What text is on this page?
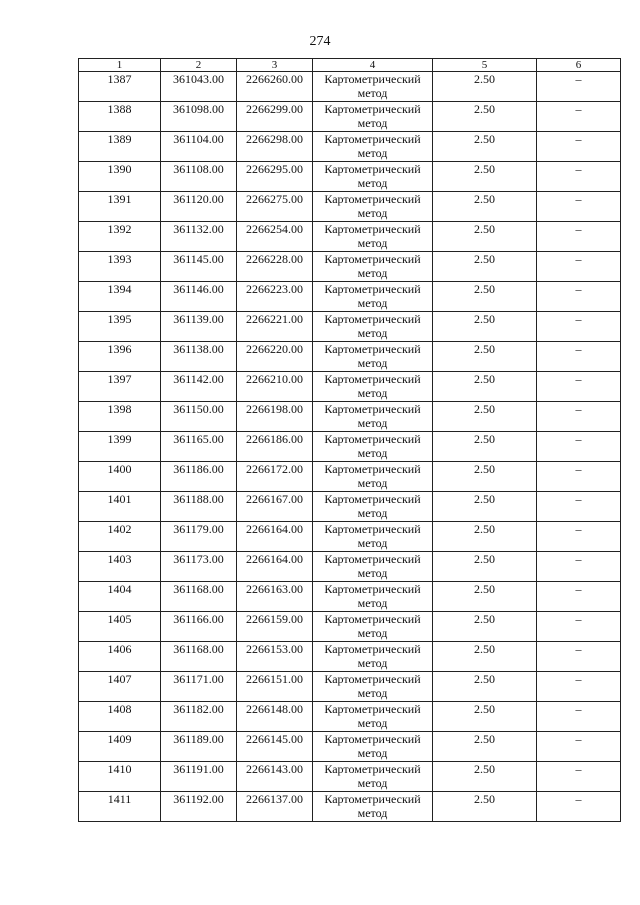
274
1	2	3	4	5	6
1387	361043.00	2266260.00	Картометрический метод	2.50	–
1388	361098.00	2266299.00	Картометрический метод	2.50	–
1389	361104.00	2266298.00	Картометрический метод	2.50	–
1390	361108.00	2266295.00	Картометрический метод	2.50	–
1391	361120.00	2266275.00	Картометрический метод	2.50	–
1392	361132.00	2266254.00	Картометрический метод	2.50	–
1393	361145.00	2266228.00	Картометрический метод	2.50	–
1394	361146.00	2266223.00	Картометрический метод	2.50	–
1395	361139.00	2266221.00	Картометрический метод	2.50	–
1396	361138.00	2266220.00	Картометрический метод	2.50	–
1397	361142.00	2266210.00	Картометрический метод	2.50	–
1398	361150.00	2266198.00	Картометрический метод	2.50	–
1399	361165.00	2266186.00	Картометрический метод	2.50	–
1400	361186.00	2266172.00	Картометрический метод	2.50	–
1401	361188.00	2266167.00	Картометрический метод	2.50	–
1402	361179.00	2266164.00	Картометрический метод	2.50	–
1403	361173.00	2266164.00	Картометрический метод	2.50	–
1404	361168.00	2266163.00	Картометрический метод	2.50	–
1405	361166.00	2266159.00	Картометрический метод	2.50	–
1406	361168.00	2266153.00	Картометрический метод	2.50	–
1407	361171.00	2266151.00	Картометрический метод	2.50	–
1408	361182.00	2266148.00	Картометрический метод	2.50	–
1409	361189.00	2266145.00	Картометрический метод	2.50	–
1410	361191.00	2266143.00	Картометрический метод	2.50	–
1411	361192.00	2266137.00	Картометрический метод	2.50	–
